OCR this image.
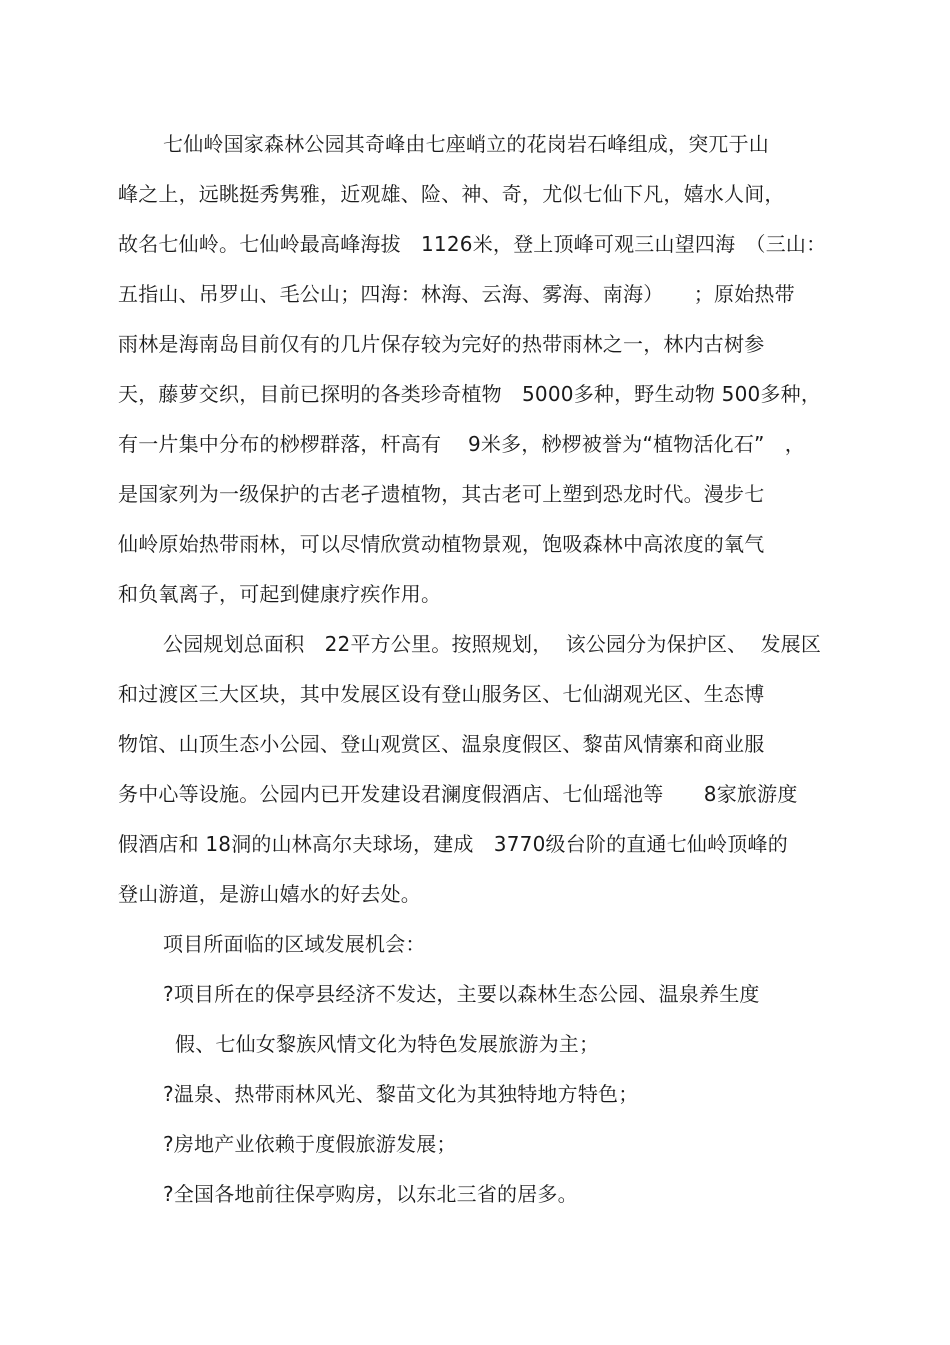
七仙岭国家森林公园其奇峰由七座峭立的花岗岩石峰组成，突兀于山
峰之上，远眺挺秀隽雅，近观雄、险、神、奇，尤似七仙下凡，嬉水人间，
故名七仙岭。七仙岭最高峰海拔　1126米，登上顶峰可观三山望四海　（三山：
五指山、吊罗山、毛公山；四海：林海、云海、雾海、南海）　　；原始热带
雨林是海南岛目前仅有的几片保存较为完好的热带雨林之一，林内古树参
天，藤萝交织，目前已探明的各类珍奇植物　5000多种，野生动物 500多种，
有一片集中分布的桫椤群落，杆高有　 9米多，桫椤被誉为“植物活化石”　，
是国家列为一级保护的古老孑遗植物，其古老可上塑到恐龙时代。漫步七
仙岭原始热带雨林，可以尽情欣赏动植物景观，饱吸森林中高浓度的氧气
和负氧离子，可起到健康疗疾作用。
公园规划总面积　22平方公里。按照规划，  该公园分为保护区、  发展区
和过渡区三大区块，其中发展区设有登山服务区、七仙湖观光区、生态博
物馆、山顶生态小公园、登山观赏区、温泉度假区、黎苗风情寨和商业服
务中心等设施。公园内已开发建设君澜度假酒店、七仙瑶池等　　8家旅游度
假酒店和 18洞的山林高尔夫球场，建成　3770级台阶的直通七仙岭顶峰的
登山游道，是游山嬉水的好去处。
项目所面临的区域发展机会：
?项目所在的保亭县经济不发达，主要以森林生态公园、温泉养生度
假、七仙女黎族风情文化为特色发展旅游为主；
?温泉、热带雨林风光、黎苗文化为其独特地方特色；
?房地产业依赖于度假旅游发展；
?全国各地前往保亭购房，以东北三省的居多。
